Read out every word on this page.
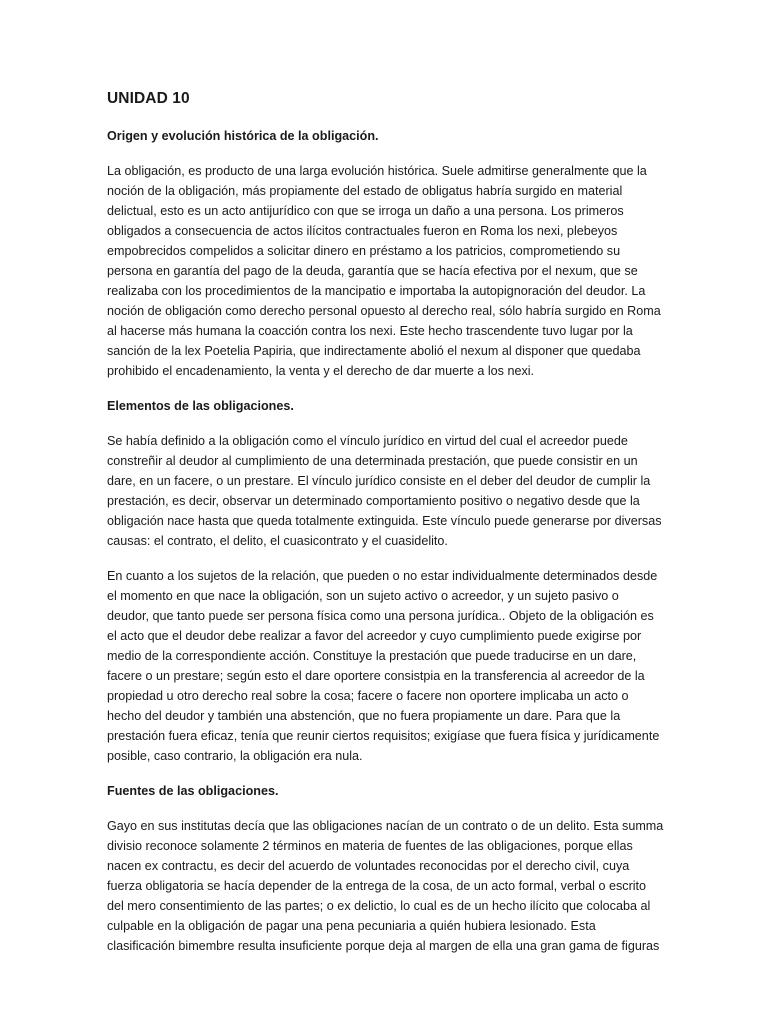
UNIDAD 10
Origen y evolución histórica de la obligación.
La obligación, es producto de una larga evolución histórica. Suele admitirse generalmente que la
noción de la obligación, más propiamente del estado de obligatus habría surgido en material
delictual, esto es un acto antijurídico con que se irroga un daño a una persona. Los primeros
obligados a consecuencia de actos ilícitos contractuales fueron en Roma los nexi, plebeyos
empobrecidos compelidos a solicitar dinero en préstamo a los patricios, comprometiendo su
persona en garantía del pago de la deuda, garantía que se hacía efectiva por el nexum, que se
realizaba con los procedimientos de la mancipatio e importaba la autopignoración del deudor. La
noción de obligación como derecho personal opuesto al derecho real, sólo habría surgido en Roma
al hacerse más humana la coacción contra los nexi. Este hecho trascendente tuvo lugar por la
sanción de la lex Poetelia Papiria, que indirectamente abolió el nexum al disponer que quedaba
prohibido el encadenamiento, la venta y el derecho de dar muerte a los nexi.
Elementos de las obligaciones.
Se había definido a la obligación como el vínculo jurídico en virtud del cual el acreedor puede
constreñir al deudor al cumplimiento de una determinada prestación, que puede consistir en un
dare, en un facere, o un prestare. El vínculo jurídico consiste en el deber del deudor de cumplir la
prestación, es decir, observar un determinado comportamiento positivo o negativo desde que la
obligación nace hasta que queda totalmente extinguida. Este vínculo puede generarse por diversas
causas: el contrato, el delito, el cuasicontrato y el cuasidelito.
En cuanto a los sujetos de la relación, que pueden o no estar individualmente determinados desde
el momento en que nace la obligación, son un sujeto activo o acreedor, y un sujeto pasivo o
deudor, que tanto puede ser persona física como una persona jurídica.. Objeto de la obligación es
el acto que el deudor debe realizar a favor del acreedor y cuyo cumplimiento puede exigirse por
medio de la correspondiente acción. Constituye la prestación que puede traducirse en un dare,
facere o un prestare; según esto el dare oportere consistpia en la transferencia al acreedor de la
propiedad u otro derecho real sobre la cosa; facere o facere non oportere implicaba un acto o
hecho del deudor y también una abstención, que no fuera propiamente un dare. Para que la
prestación fuera eficaz, tenía que reunir ciertos requisitos; exigíase que fuera física y jurídicamente
posible, caso contrario, la obligación era nula.
Fuentes de las obligaciones.
Gayo en sus institutas decía que las obligaciones nacían de un contrato o de un delito. Esta summa
divisio reconoce solamente 2 términos en materia de fuentes de las obligaciones, porque ellas
nacen ex contractu, es decir del acuerdo de voluntades reconocidas por el derecho civil, cuya
fuerza obligatoria se hacía depender de la entrega de la cosa, de un acto formal, verbal o escrito
del mero consentimiento de las partes; o ex delictio, lo cual es de un hecho ilícito que colocaba al
culpable en la obligación de pagar una pena pecuniaria a quién hubiera lesionado. Esta
clasificación bimembre resulta insuficiente porque deja al margen de ella una gran gama de figuras
